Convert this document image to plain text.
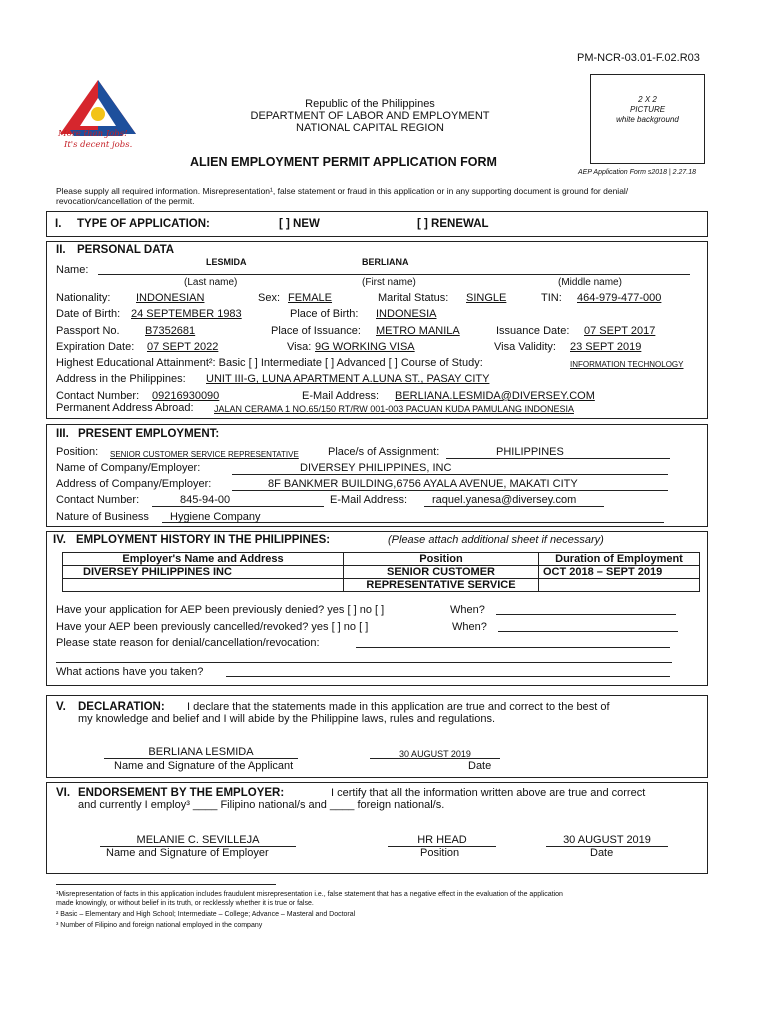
PM-NCR-03.01-F.02.R03
More than Jobs!
It's decent jobs.
Republic of the Philippines
DEPARTMENT OF LABOR AND EMPLOYMENT
NATIONAL CAPITAL REGION
ALIEN EMPLOYMENT PERMIT APPLICATION FORM
2 X 2
PICTURE
white background
AEP Application Form s2018 | 2.27.18
Please supply all required information. Misrepresentation¹, false statement or fraud in this application or in any supporting document is ground for denial/ revocation/cancellation of the permit.
I. TYPE OF APPLICATION:	[ ] NEW	[ ] RENEWAL
II. PERSONAL DATA
LESMIDA	BERLIANA
Name:
(Last name)	(First name)	(Middle name)
Nationality: INDONESIAN	Sex: FEMALE	Marital Status: SINGLE	TIN: 464-979-477-000
Date of Birth: 24 SEPTEMBER 1983	Place of Birth: INDONESIA
Passport No. B7352681	Place of Issuance: METRO MANILA	Issuance Date: 07 SEPT 2017
Expiration Date: 07 SEPT 2022	Visa: 9G WORKING VISA	Visa Validity: 23 SEPT 2019
Highest Educational Attainment²: Basic [ ] Intermediate [ ] Advanced [ ] Course of Study:	INFORMATION TECHNOLOGY
Address in the Philippines: UNIT III-G, LUNA APARTMENT A.LUNA ST., PASAY CITY
Contact Number: 09216930090	E-Mail Address: BERLIANA.LESMIDA@DIVERSEY.COM
Permanent Address Abroad: JALAN CERAMA 1 NO.65/150 RT/RW 001-003 PACUAN KUDA PAMULANG INDONESIA
III. PRESENT EMPLOYMENT:
Position: SENIOR CUSTOMER SERVICE REPRESENTATIVE	Place/s of Assignment:	PHILIPPINES
Name of Company/Employer:	DIVERSEY PHILIPPINES, INC
Address of Company/Employer:	8F BANKMER BUILDING,6756 AYALA AVENUE, MAKATI CITY
Contact Number:	845-94-00	E-Mail Address: raquel.yanesa@diversey.com
Nature of Business Hygiene Company
IV. EMPLOYMENT HISTORY IN THE PHILIPPINES:	(Please attach additional sheet if necessary)
Employer's Name and Address	Position	Duration of Employment
DIVERSEY PHILIPPINES INC	SENIOR CUSTOMER	OCT 2018 – SEPT 2019
	REPRESENTATIVE SERVICE	
Have your application for AEP been previously denied? yes [ ] no [ ]	When?
Have your AEP been previously cancelled/revoked? yes [ ] no [ ]	When?
Please state reason for denial/cancellation/revocation:
What actions have you taken?
V. DECLARATION: I declare that the statements made in this application are true and correct to the best of
my knowledge and belief and I will abide by the Philippine laws, rules and regulations.
BERLIANA LESMIDA
Name and Signature of the Applicant
30 AUGUST 2019
Date
VI. ENDORSEMENT BY THE EMPLOYER:	I certify that all the information written above are true and correct
and currently I employ³ ____ Filipino national/s and ____ foreign national/s.
MELANIE C. SEVILLEJA
Name and Signature of Employer
HR HEAD
Position
30 AUGUST 2019
Date
¹Misrepresentation of facts in this application includes fraudulent misrepresentation i.e., false statement that has a negative effect in the evaluation of the application
made knowingly, or without belief in its truth, or recklessly whether it is true or false.
² Basic – Elementary and High School; Intermediate – College; Advance – Masteral and Doctoral
³ Number of Filipino and foreign national employed in the company
